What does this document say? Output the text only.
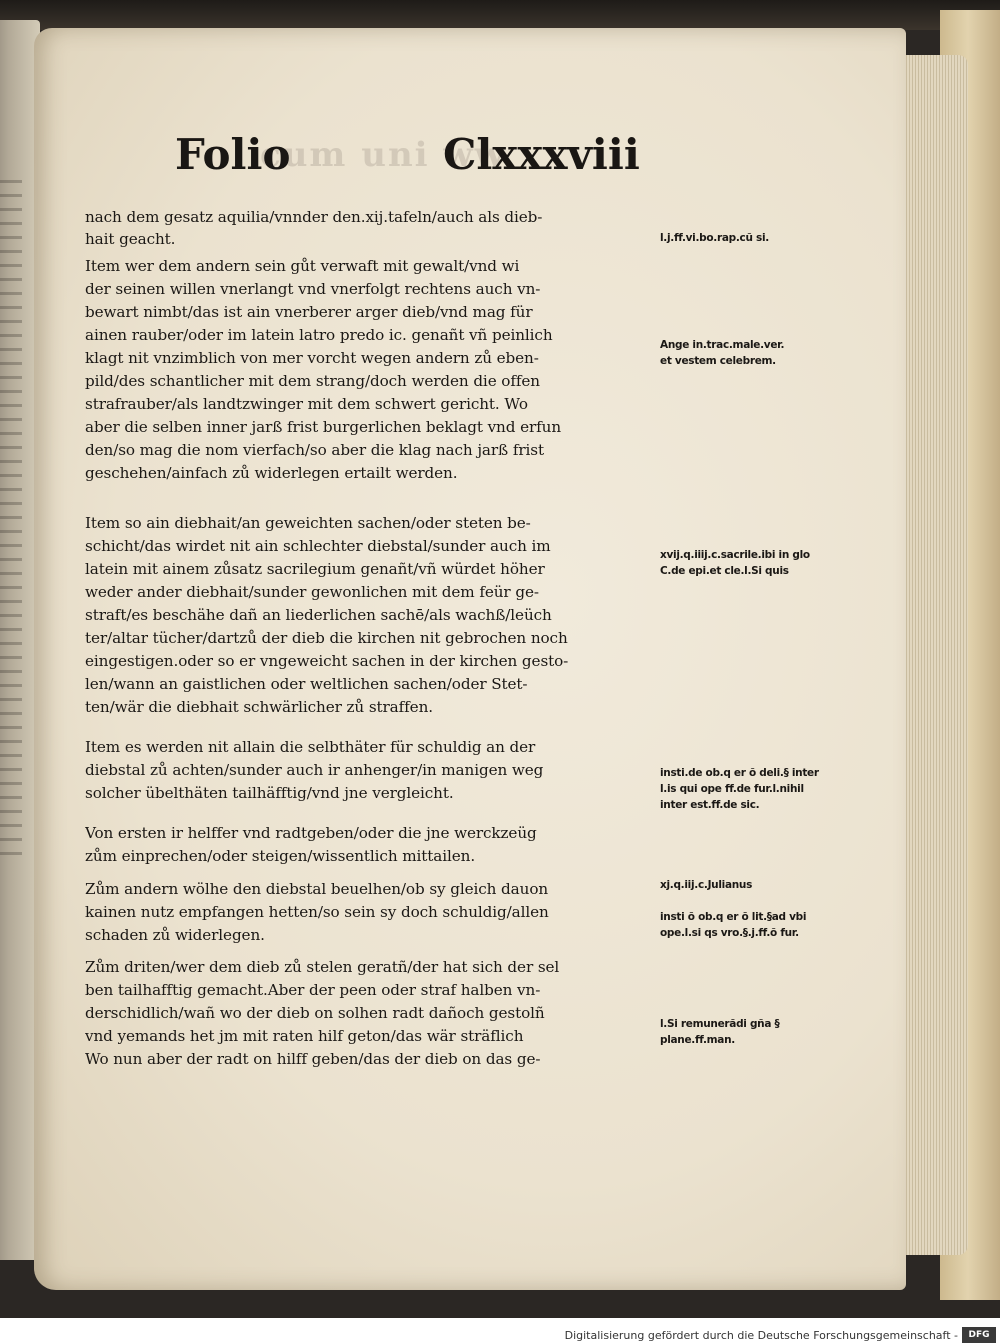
cum uni ww
Folio	Clxxxviii
nach dem gesatz aquilia/vnnder den.xij.tafeln/auch als dieb-
hait geacht.
Item wer dem andern sein gůt verwaft mit gewalt/vnd wi
der seinen willen vnerlangt vnd vnerfolgt rechtens auch vn-
bewart nimbt/das ist ain vnerberer arger dieb/vnd mag für
ainen rauber/oder im latein latro predo ic. genañt vñ peinlich
klagt nit vnzimblich von mer vorcht wegen andern zů eben-
pild/des schantlicher mit dem strang/doch werden die offen
strafrauber/als landtzwinger mit dem schwert gericht. Wo
aber die selben inner jarß frist burgerlichen beklagt vnd erfun
den/so mag die nom vierfach/so aber die klag nach jarß frist
geschehen/ainfach zů widerlegen ertailt werden.
Item so ain diebhait/an geweichten sachen/oder steten be-
schicht/das wirdet nit ain schlechter diebstal/sunder auch im
latein mit ainem zůsatz sacrilegium genañt/vñ würdet höher
weder ander diebhait/sunder gewonlichen mit dem feür ge-
straft/es beschähe dañ an liederlichen sachē/als wachß/leüch
ter/altar tücher/dartzů der dieb die kirchen nit gebrochen noch
eingestigen.oder so er vngeweicht sachen in der kirchen gesto-
len/wann an gaistlichen oder weltlichen sachen/oder Stet-
ten/wär die diebhait schwärlicher zů straffen.
Item es werden nit allain die selbthäter für schuldig an der
diebstal zů achten/sunder auch ir anhenger/in manigen weg
solcher übelthäten tailhäfftig/vnd jne vergleicht.
Von ersten ir helffer vnd radtgeben/oder die jne werckzeüg
zům einprechen/oder steigen/wissentlich mittailen.
Zům andern wölhe den diebstal beuelhen/ob sy gleich dauon
kainen nutz empfangen hetten/so sein sy doch schuldig/allen
schaden zů widerlegen.
Zům driten/wer dem dieb zů stelen geratñ/der hat sich der sel
ben tailhafftig gemacht.Aber der peen oder straf halben vn-
derschidlich/wañ wo der dieb on solhen radt dañoch gestolñ
vnd yemands het jm mit raten hilf geton/das wär sträflich
Wo nun aber der radt on hilff geben/das der dieb on das ge-
l.j.ff.vi.bo.rap.cũ si.
Ange in.trac.male.ver.
et vestem celebrem.
xvij.q.iiij.c.sacrile.ibi in glo
C.de epi.et cle.l.Si quis
insti.de ob.q er õ deli.§ inter
l.is qui ope ff.de fur.l.nihil
inter est.ff.de sic.
xj.q.iij.c.Julianus
insti õ ob.q er õ lit.§ad vbi
ope.l.si qs vro.§.j.ff.õ fur.
l.Si remunerãdi gña §
plane.ff.man.
Digitalisierung gefördert durch die Deutsche Forschungsgemeinschaft -	DFG
